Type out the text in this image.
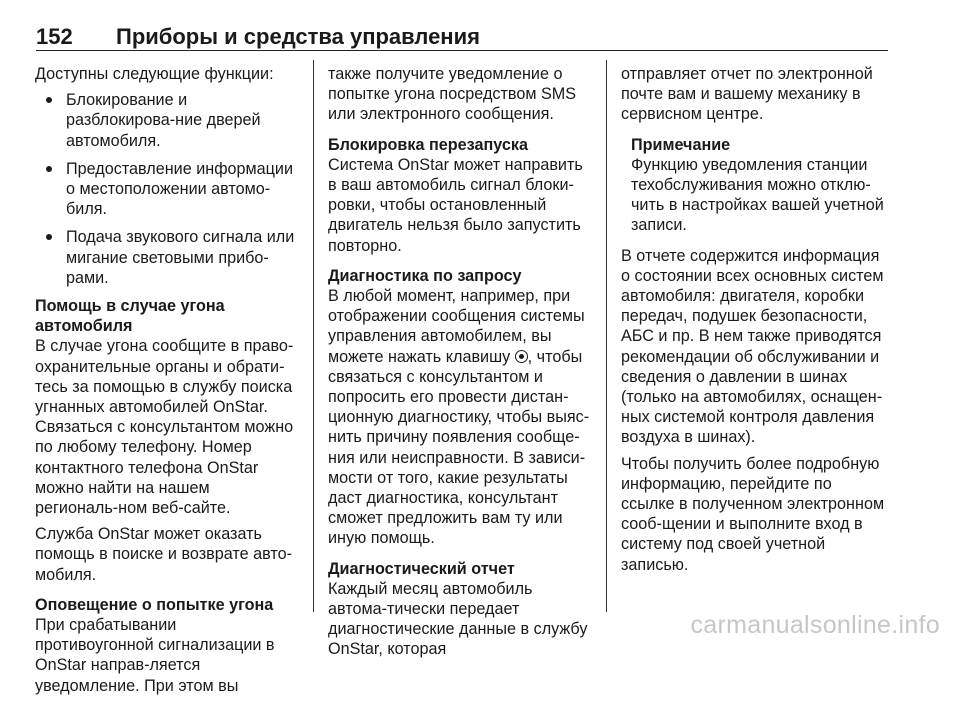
152 Приборы и средства управления

Доступны следующие функции:

Блокирование и разблокирова-ние дверей автомобиля.
Предоставление информации о местоположении автомо-биля.
Подача звукового сигнала или мигание световыми прибо-рами.

Помощь в случае угона автомобиля

В случае угона сообщите в право-охранительные органы и обрати-тесь за помощью в службу поиска угнанных автомобилей OnStar. Связаться с консультантом можно по любому телефону. Номер контактного телефона OnStar можно найти на нашем региональ-ном веб-сайте.

Служба OnStar может оказать помощь в поиске и возврате авто-мобиля.

Оповещение о попытке угона

При срабатывании противоугонной сигнализации в OnStar направ-ляется уведомление. При этом вы

также получите уведомление о попытке угона посредством SMS или электронного сообщения.

Блокировка перезапуска

Система OnStar может направить в ваш автомобиль сигнал блоки-ровки, чтобы остановленный двигатель нельзя было запустить повторно.

Диагностика по запросу

В любой момент, например, при отображении сообщения системы управления автомобилем, вы можете нажать клавишу , чтобы связаться с консультантом и попросить его провести дистан-ционную диагностику, чтобы выяс-нить причину появления сообще-ния или неисправности. В зависи-мости от того, какие результаты даст диагностика, консультант сможет предложить вам ту или иную помощь.

Диагностический отчет

Каждый месяц автомобиль автома-тически передает диагностические данные в службу OnStar, которая

отправляет отчет по электронной почте вам и вашему механику в сервисном центре.

Примечание

Функцию уведомления станции техобслуживания можно отклю-чить в настройках вашей учетной записи.

В отчете содержится информация о состоянии всех основных систем автомобиля: двигателя, коробки передач, подушек безопасности, АБС и пр. В нем также приводятся рекомендации об обслуживании и сведения о давлении в шинах (только на автомобилях, оснащен-ных системой контроля давления воздуха в шинах).

Чтобы получить более подробную информацию, перейдите по ссылке в полученном электронном сооб-щении и выполните вход в систему под своей учетной записью.

carmanualsonline.info
